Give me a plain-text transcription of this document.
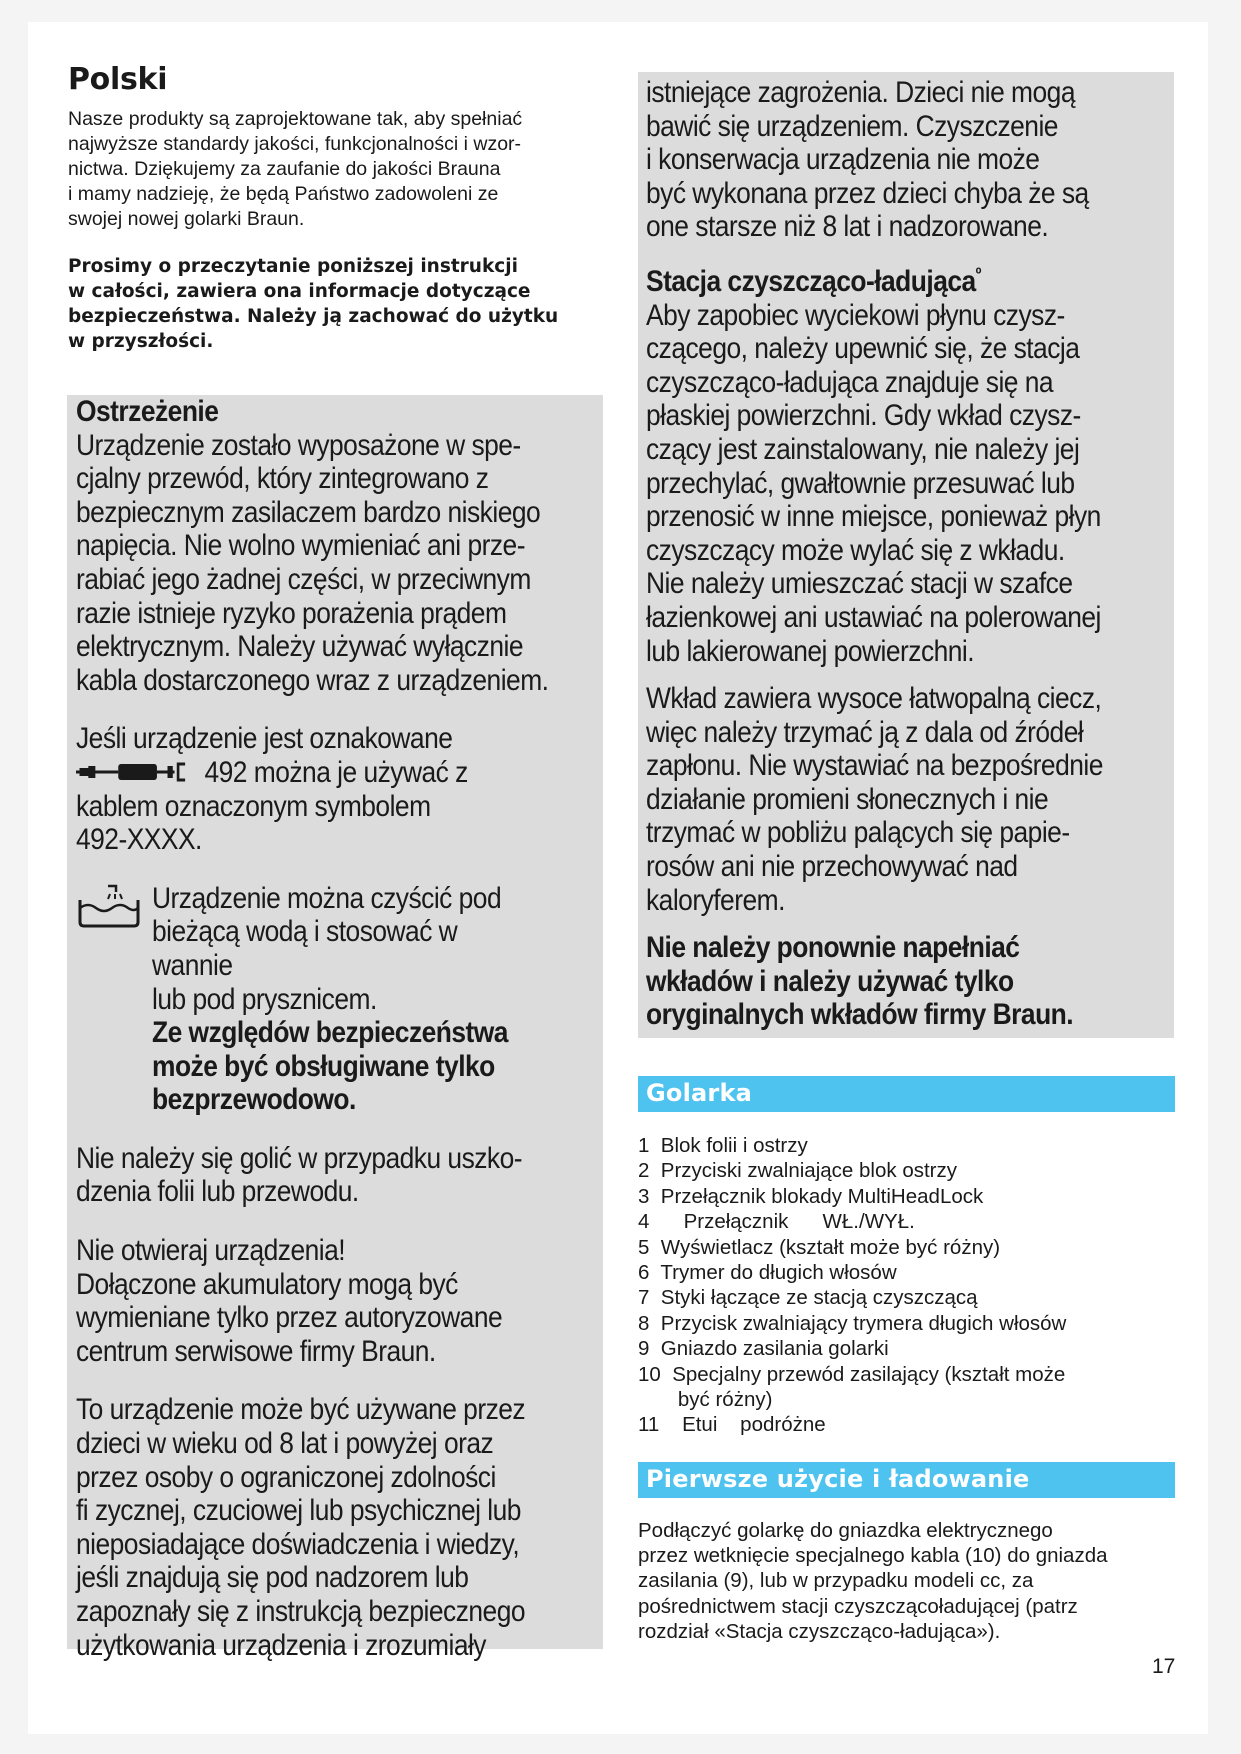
Polski
Nasze produkty są zaprojektowane tak, aby spełniać
najwyższe standardy jakości, funkcjonalności i wzor-
nictwa. Dziękujemy za zaufanie do jakości Brauna
i mamy nadzieję, że będą Państwo zadowoleni ze
swojej nowej golarki Braun.
Prosimy o przeczytanie poniższej instrukcji
w całości, zawiera ona informacje dotyczące
bezpieczeństwa. Należy ją zachować do użytku
w przyszłości.
Ostrzeżenie

Urządzenie zostało wyposażone w spe-

cjalny przewód, który zintegrowano z

bezpiecznym zasilaczem bardzo niskiego

napięcia. Nie wolno wymieniać ani prze-

rabiać jego żadnej części, w przeciwnym

razie istnieje ryzyko porażenia prądem

elektrycznym. Należy używać wyłącznie

kabla dostarczonego wraz z urządzeniem.

Jeśli urządzenie jest oznakowane

492 można je używać z

kablem oznaczonym symbolem

492-XXXX.

Urządzenie można czyścić pod

bieżącą wodą i stosować w wannie

lub pod prysznicem.

Ze względów bezpieczeństwa

może być obsługiwane tylko

bezprzewodowo.

Nie należy się golić w przypadku uszko-

dzenia folii lub przewodu.

Nie otwieraj urządzenia!

Dołączone akumulatory mogą być

wymieniane tylko przez autoryzowane

centrum serwisowe firmy Braun.

To urządzenie może być używane przez

dzieci w wieku od 8 lat i powyżej oraz

przez osoby o ograniczonej zdolności

fi zycznej, czuciowej lub psychicznej lub

nieposiadające doświadczenia i wiedzy,

jeśli znajdują się pod nadzorem lub

zapoznały się z instrukcją bezpiecznego

użytkowania urządzenia i zrozumiały

istniejące zagrożenia. Dzieci nie mogą

bawić się urządzeniem. Czyszczenie

i konserwacja urządzenia nie może

być wykonana przez dzieci chyba że są

one starsze niż 8 lat i nadzorowane.

Stacja czyszcząco-ładująca$^º$

Aby zapobiec wyciekowi płynu czysz-

czącego, należy upewnić się, że stacja

czyszcząco-ładująca znajduje się na

płaskiej powierzchni. Gdy wkład czysz-

czący jest zainstalowany, nie należy jej

przechylać, gwałtownie przesuwać lub

przenosić w inne miejsce, ponieważ płyn

czyszczący może wylać się z wkładu.

Nie należy umieszczać stacji w szafce

łazienkowej ani ustawiać na polerowanej

lub lakierowanej powierzchni.

Wkład zawiera wysoce łatwopalną ciecz,

więc należy trzymać ją z dala od źródeł

zapłonu. Nie wystawiać na bezpośrednie

działanie promieni słonecznych i nie

trzymać w pobliżu palących się papie-

rosów ani nie przechowywać nad

kaloryferem.

Nie należy ponownie napełniać

wkładów i należy używać tylko

oryginalnych wkładów firmy Braun.

Golarka
1  Blok folii i ostrzy
2  Przyciski zwalniające blok ostrzy
3  Przełącznik blokady MultiHeadLock
4      Przełącznik      WŁ./WYŁ.
5  Wyświetlacz (kształt może być różny)
6  Trymer do długich włosów
7  Styki łączące ze stacją czyszczącą
8  Przycisk zwalniający trymera długich włosów
9  Gniazdo zasilania golarki
10  Specjalny przewód zasilający (kształt może
być różny)
11    Etui    podróżne
Pierwsze użycie i ładowanie
Podłączyć golarkę do gniazdka elektrycznego
przez wetknięcie specjalnego kabla (10) do gniazda
zasilania (9), lub w przypadku modeli cc, za
pośrednictwem stacji czyszczącoładującej (patrz
rozdział «Stacja czyszcząco-ładująca»).
17
